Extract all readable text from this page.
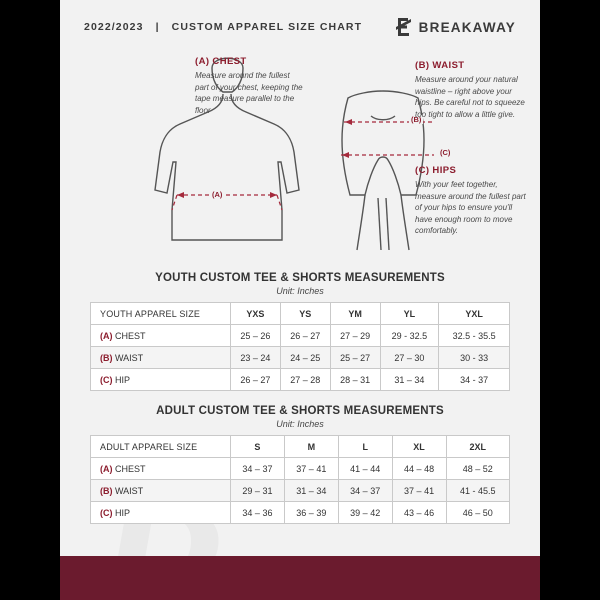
2022/2023 | CUSTOM APPAREL SIZE CHART	BREAKAWAY
(A)
(B)
(C)
(A) CHEST
Measure around the fullest part of your chest, keeping the tape measure parallel to the floor
(B) WAIST
Measure around your natural waistline – right above your hips. Be careful not to squeeze too tight to allow a little give.
(C) HIPS
With your feet together, measure around the fullest part of your hips to ensure you'll have enough room to move comfortably.
YOUTH CUSTOM TEE & SHORTS MEASUREMENTS
Unit: Inches
YOUTH APPAREL SIZE	YXS	YS	YM	YL	YXL
(A) CHEST	25 – 26	26 – 27	27 – 29	29 - 32.5	32.5 - 35.5
(B) WAIST	23 – 24	24 – 25	25 – 27	27 – 30	30 - 33
(C) HIP	26 – 27	27 – 28	28 – 31	31 – 34	34 - 37
ADULT CUSTOM TEE & SHORTS MEASUREMENTS
Unit: Inches
ADULT APPAREL SIZE	S	M	L	XL	2XL
(A) CHEST	34 – 37	37 – 41	41 – 44	44 – 48	48 – 52
(B) WAIST	29 – 31	31 – 34	34 – 37	37 – 41	41 - 45.5
(C) HIP	34 – 36	36 – 39	39 – 42	43 – 46	46 – 50
